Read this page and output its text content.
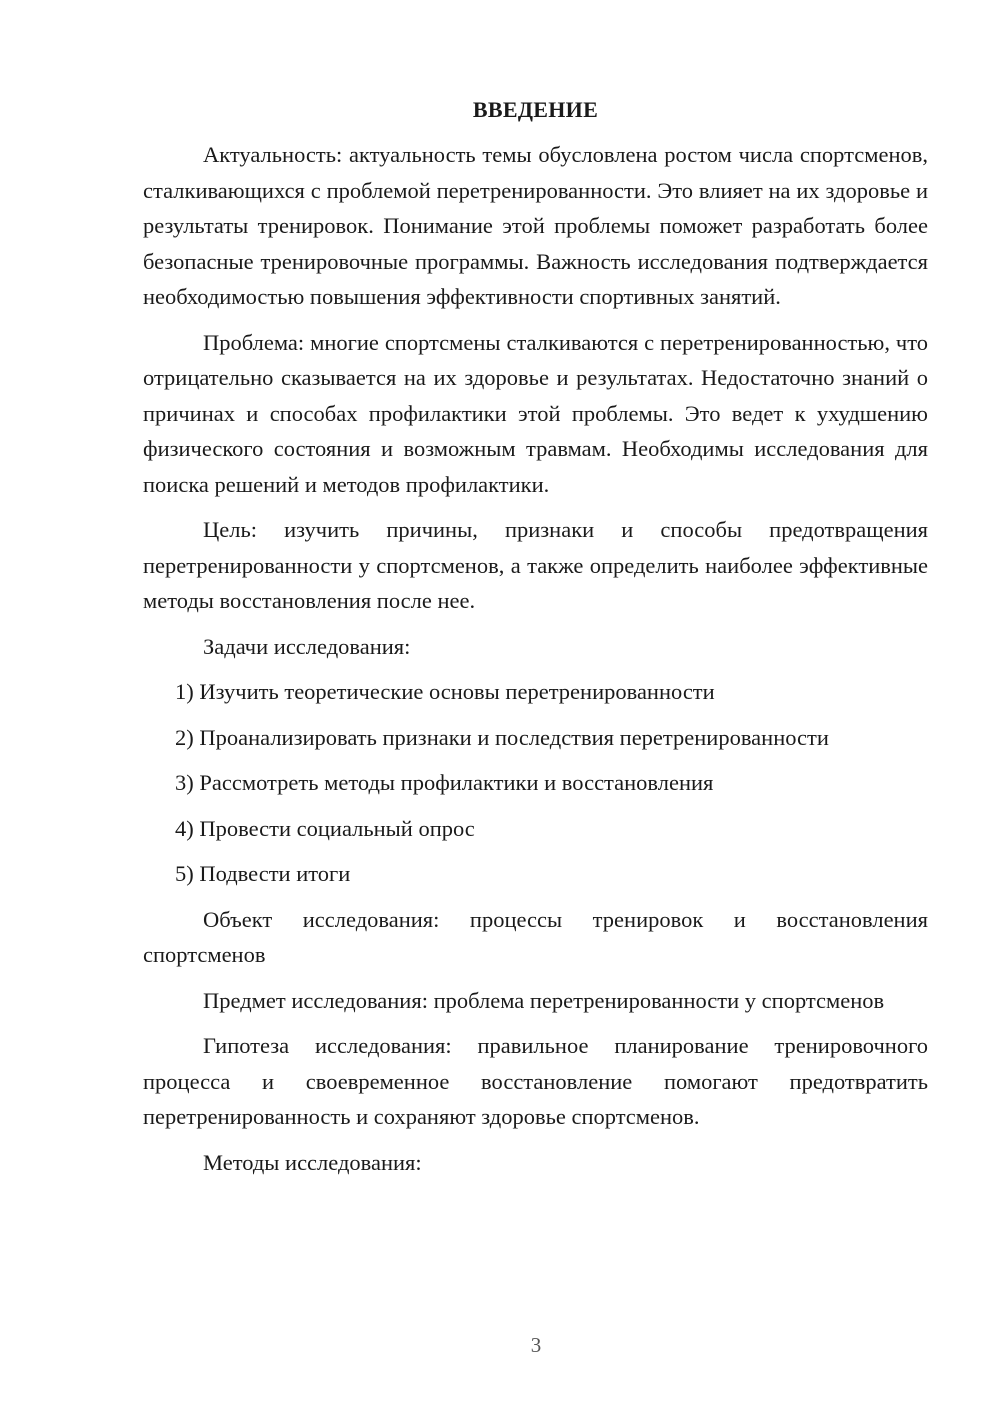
ВВЕДЕНИЕ

Актуальность: актуальность темы обусловлена ростом числа спортсменов, сталкивающихся с проблемой перетренированности. Это влияет на их здоровье и результаты тренировок. Понимание этой проблемы поможет разработать более безопасные тренировочные программы. Важность исследования подтверждается необходимостью повышения эффективности спортивных занятий.

Проблема: многие спортсмены сталкиваются с перетренированностью, что отрицательно сказывается на их здоровье и результатах. Недостаточно знаний о причинах и способах профилактики этой проблемы. Это ведет к ухудшению физического состояния и возможным травмам. Необходимы исследования для поиска решений и методов профилактики.

Цель: изучить причины, признаки и способы предотвращения перетренированности у спортсменов, а также определить наиболее эффективные методы восстановления после нее.

Задачи исследования:

1) Изучить теоретические основы перетренированности
2) Проанализировать признаки и последствия перетренированности
3) Рассмотреть методы профилактики и восстановления
4) Провести социальный опрос
5) Подвести итоги

Объект исследования: процессы тренировок и восстановления спортсменов

Предмет исследования: проблема перетренированности у спортсменов

Гипотеза исследования: правильное планирование тренировочного процесса и своевременное восстановление помогают предотвратить перетренированность и сохраняют здоровье спортсменов.

Методы исследования:

3
